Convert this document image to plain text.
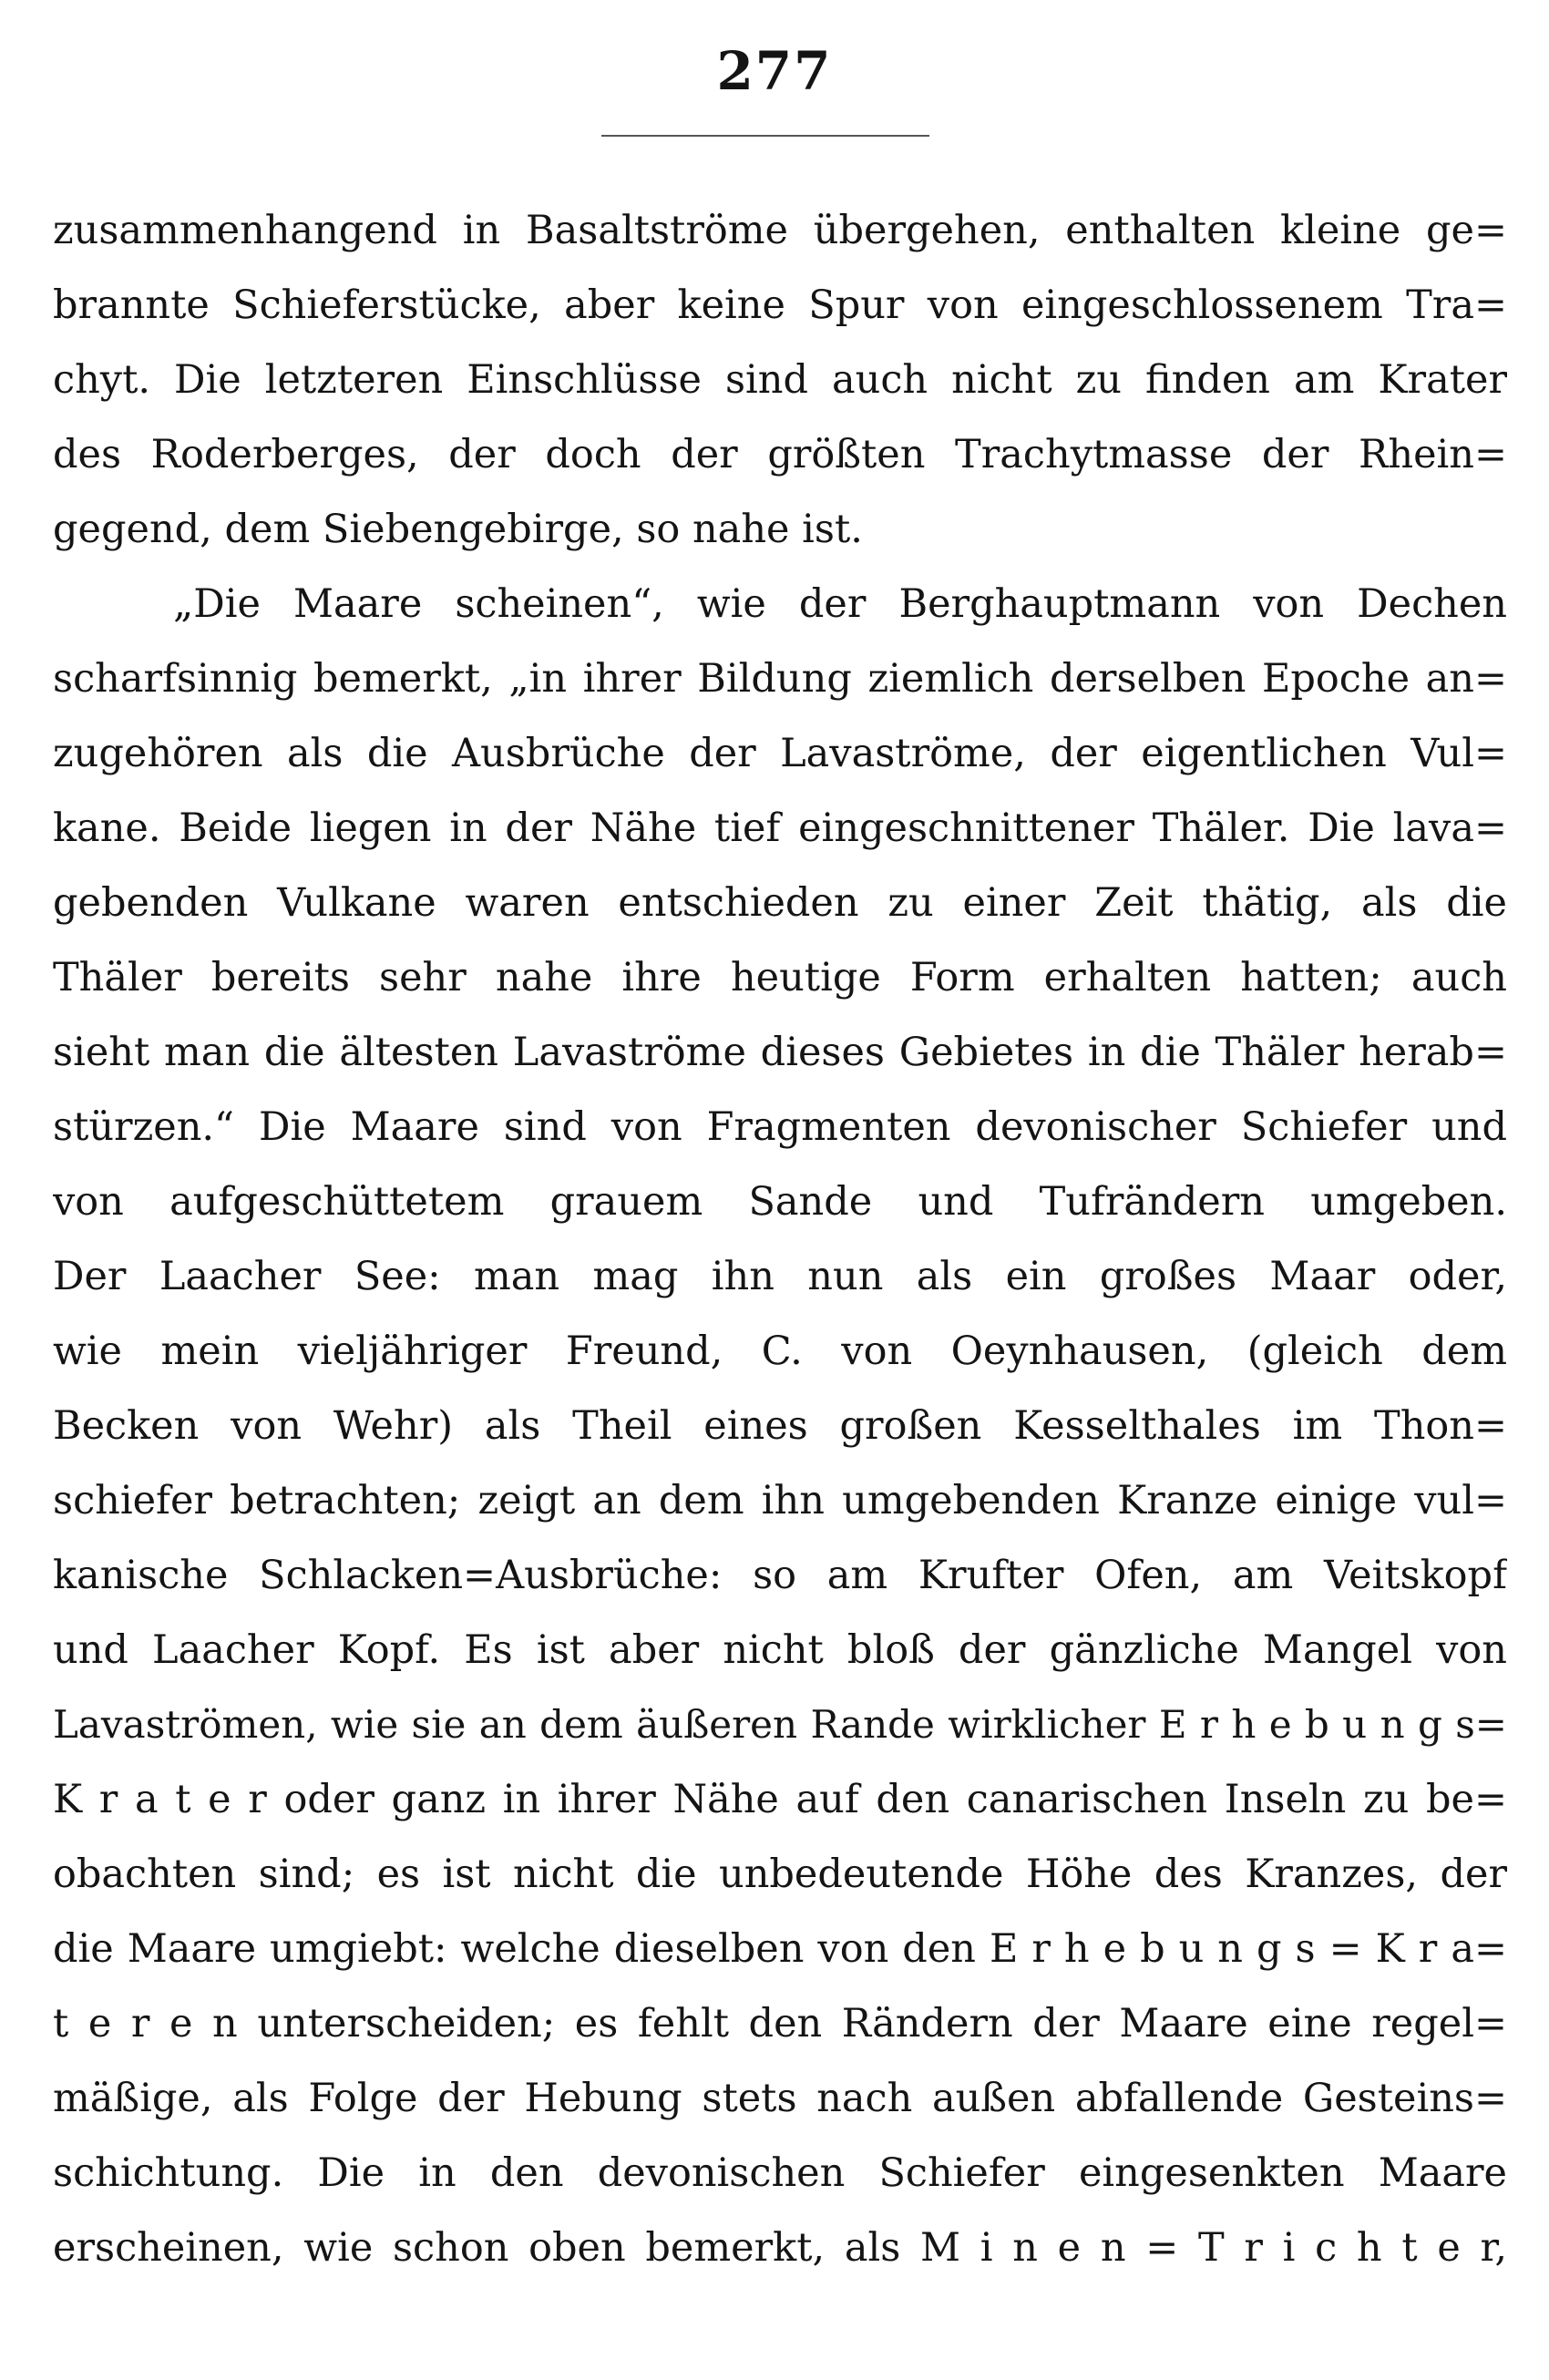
277
zusammenhangend in Basaltströme übergehen, enthalten kleine ge=
brannte Schieferstücke, aber keine Spur von eingeschlossenem Tra=
chyt. Die letzteren Einschlüsse sind auch nicht zu finden am Krater
des Roderberges, der doch der größten Trachytmasse der Rhein=
gegend, dem Siebengebirge, so nahe ist.
„Die Maare scheinen“, wie der Berghauptmann von Dechen
scharfsinnig bemerkt, „in ihrer Bildung ziemlich derselben Epoche an=
zugehören als die Ausbrüche der Lavaströme, der eigentlichen Vul=
kane. Beide liegen in der Nähe tief eingeschnittener Thäler. Die lava=
gebenden Vulkane waren entschieden zu einer Zeit thätig, als die
Thäler bereits sehr nahe ihre heutige Form erhalten hatten; auch
sieht man die ältesten Lavaströme dieses Gebietes in die Thäler herab=
stürzen.“ Die Maare sind von Fragmenten devonischer Schiefer und
von aufgeschüttetem grauem Sande und Tufrändern umgeben.
Der Laacher See: man mag ihn nun als ein großes Maar oder,
wie mein vieljähriger Freund, C. von Oeynhausen, (gleich dem
Becken von Wehr) als Theil eines großen Kesselthales im Thon=
schiefer betrachten; zeigt an dem ihn umgebenden Kranze einige vul=
kanische Schlacken=Ausbrüche: so am Krufter Ofen, am Veitskopf
und Laacher Kopf. Es ist aber nicht bloß der gänzliche Mangel von
Lavaströmen, wie sie an dem äußeren Rande wirklicher E r h e b u n g s=
K r a t e r oder ganz in ihrer Nähe auf den canarischen Inseln zu be=
obachten sind; es ist nicht die unbedeutende Höhe des Kranzes, der
die Maare umgiebt: welche dieselben von den E r h e b u n g s = K r a=
t e r e n unterscheiden; es fehlt den Rändern der Maare eine regel=
mäßige, als Folge der Hebung stets nach außen abfallende Gesteins=
schichtung. Die in den devonischen Schiefer eingesenkten Maare
erscheinen, wie schon oben bemerkt, als M i n e n = T r i c h t e r,
